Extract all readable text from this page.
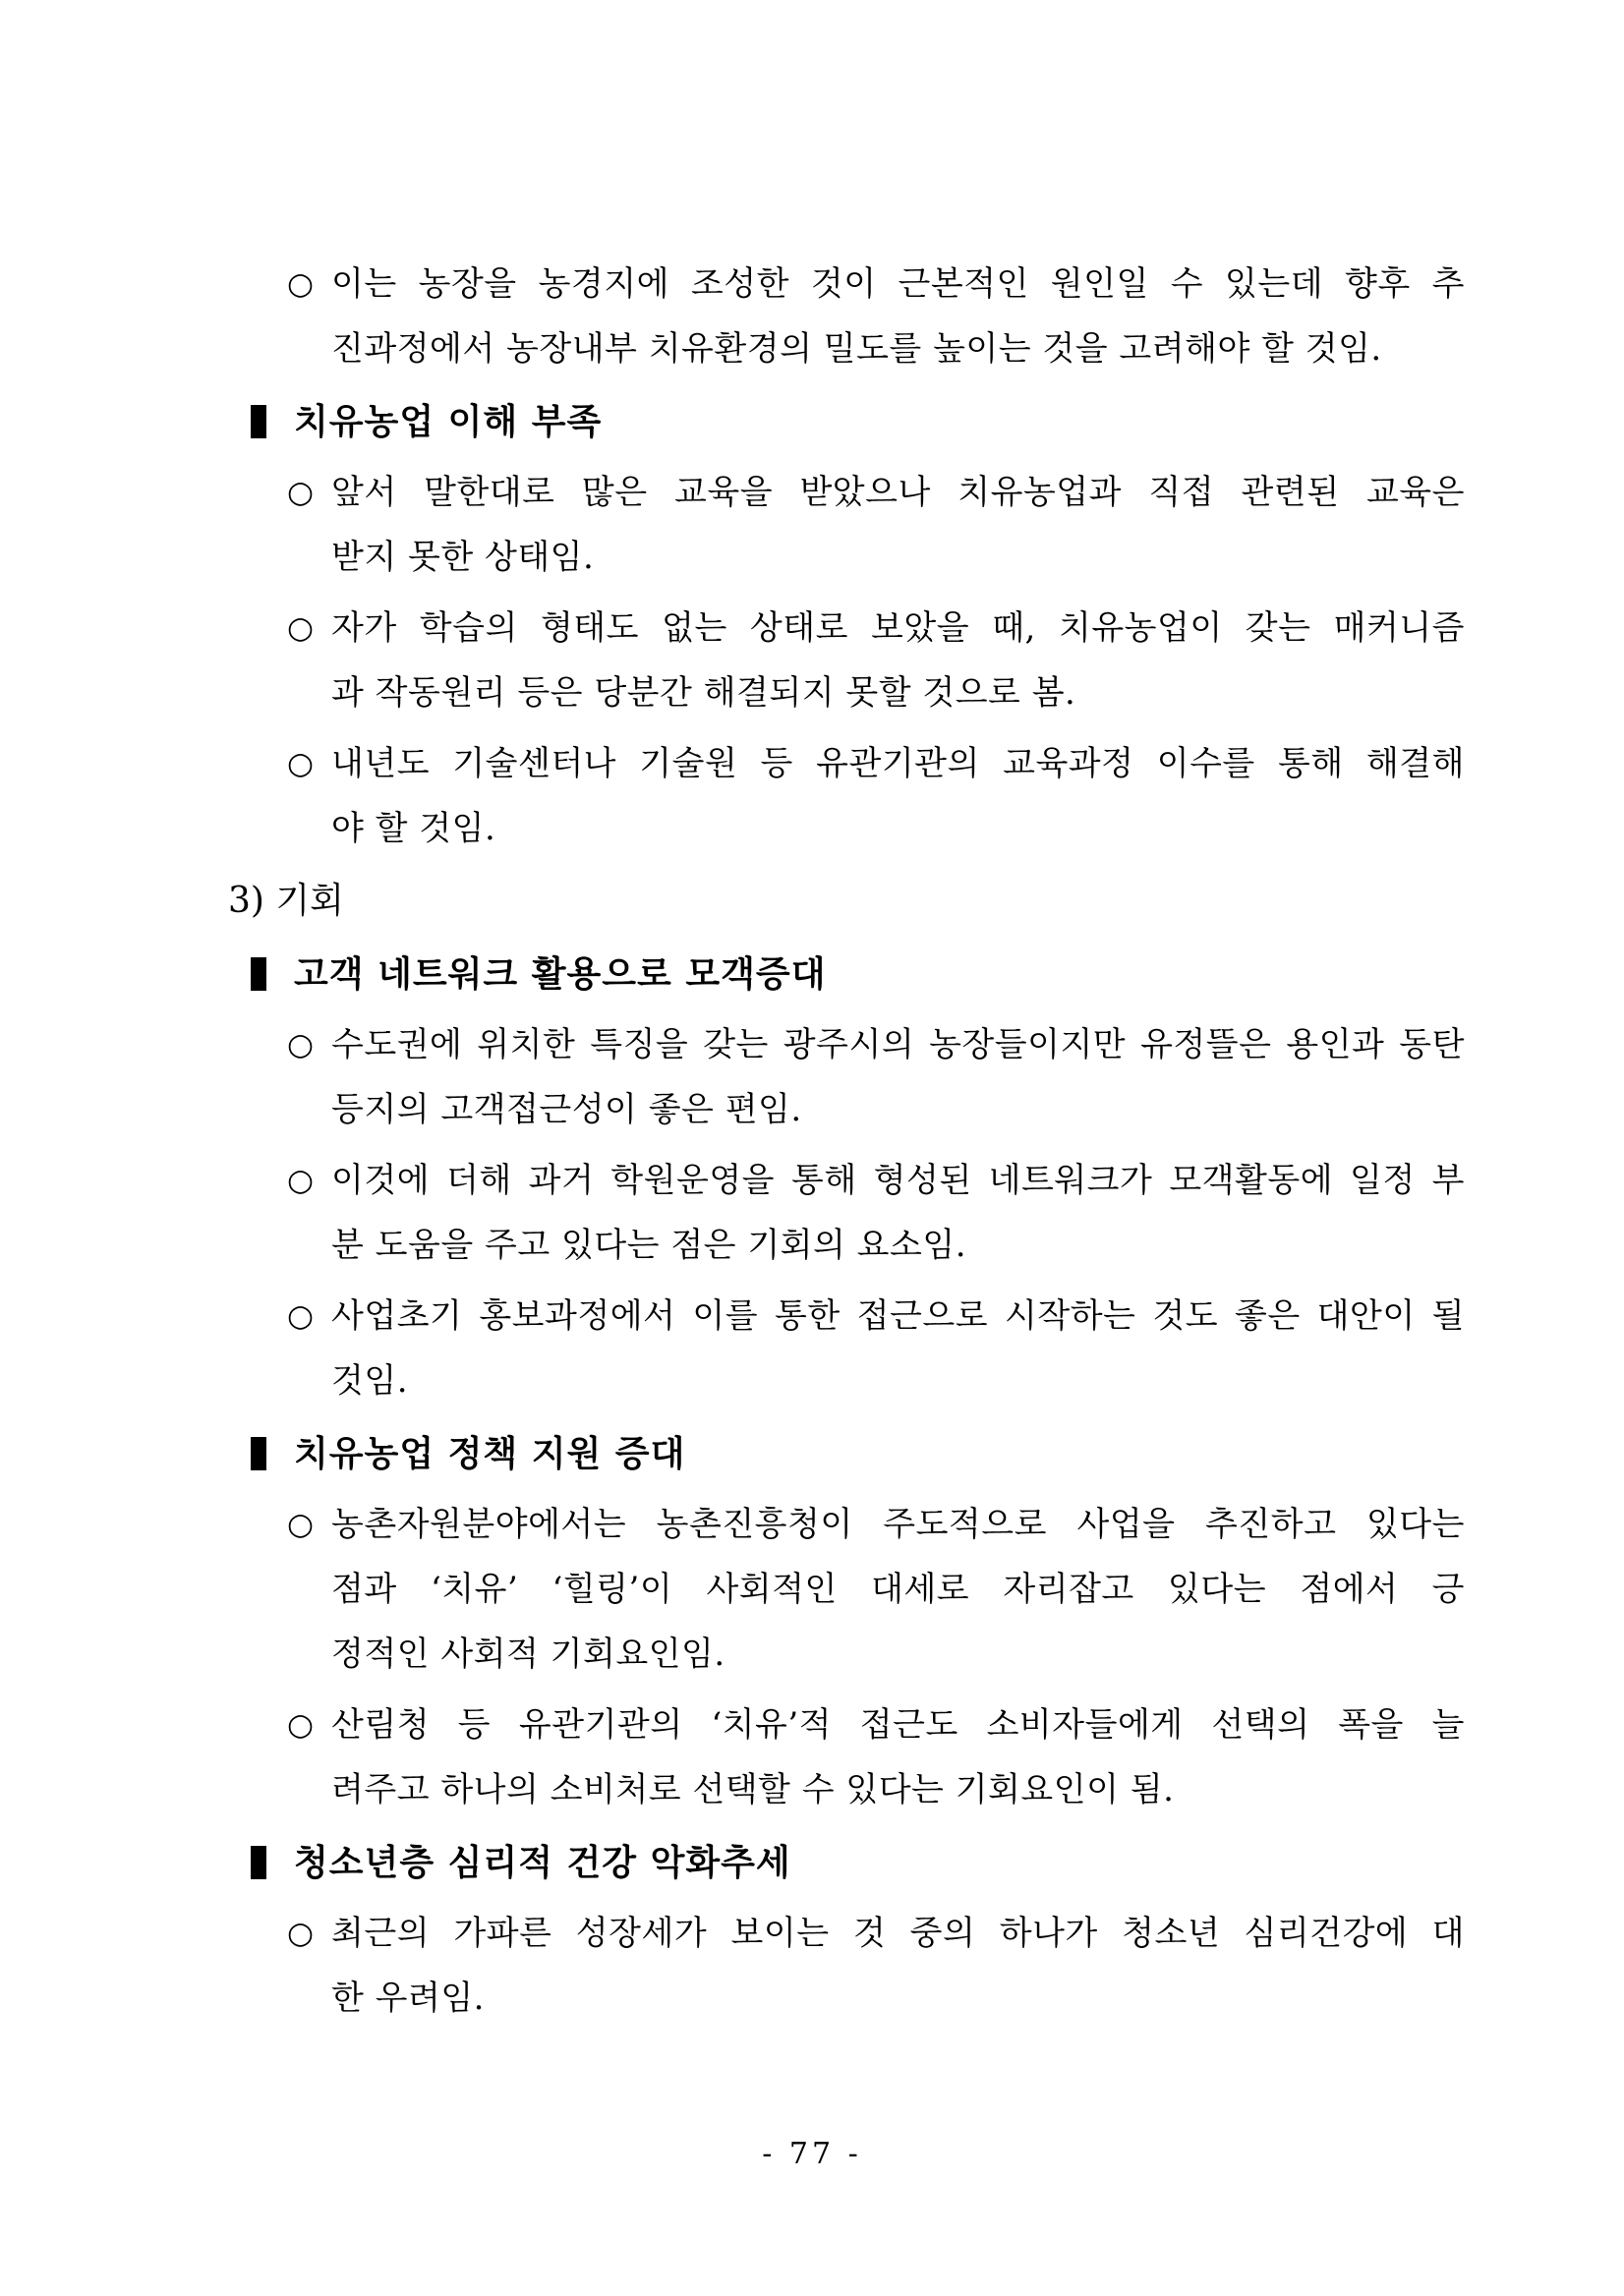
○ 이는 농장을 농경지에 조성한 것이 근본적인 원인일 수 있는데 향후 추
진과정에서 농장내부 치유환경의 밀도를 높이는 것을 고려해야 할 것임.
치유농업 이해 부족
○ 앞서 말한대로 많은 교육을 받았으나 치유농업과 직접 관련된 교육은
받지 못한 상태임.
○ 자가 학습의 형태도 없는 상태로 보았을 때, 치유농업이 갖는 매커니즘
과 작동원리 등은 당분간 해결되지 못할 것으로 봄.
○ 내년도 기술센터나 기술원 등 유관기관의 교육과정 이수를 통해 해결해
야 할 것임.
3) 기회
고객 네트워크 활용으로 모객증대
○ 수도권에 위치한 특징을 갖는 광주시의 농장들이지만 유정뜰은 용인과 동탄
등지의 고객접근성이 좋은 편임.
○ 이것에 더해 과거 학원운영을 통해 형성된 네트워크가 모객활동에 일정 부
분 도움을 주고 있다는 점은 기회의 요소임.
○ 사업초기 홍보과정에서 이를 통한 접근으로 시작하는 것도 좋은 대안이 될
것임.
치유농업 정책 지원 증대
○ 농촌자원분야에서는 농촌진흥청이 주도적으로 사업을 추진하고 있다는
점과 ‘치유’ ‘힐링’이 사회적인 대세로 자리잡고 있다는 점에서 긍
정적인 사회적 기회요인임.
○ 산림청 등 유관기관의 ‘치유’적 접근도 소비자들에게 선택의 폭을 늘
려주고 하나의 소비처로 선택할 수 있다는 기회요인이 됨.
청소년층 심리적 건강 악화추세
○ 최근의 가파른 성장세가 보이는 것 중의 하나가 청소년 심리건강에 대
한 우려임.
- 77 -
